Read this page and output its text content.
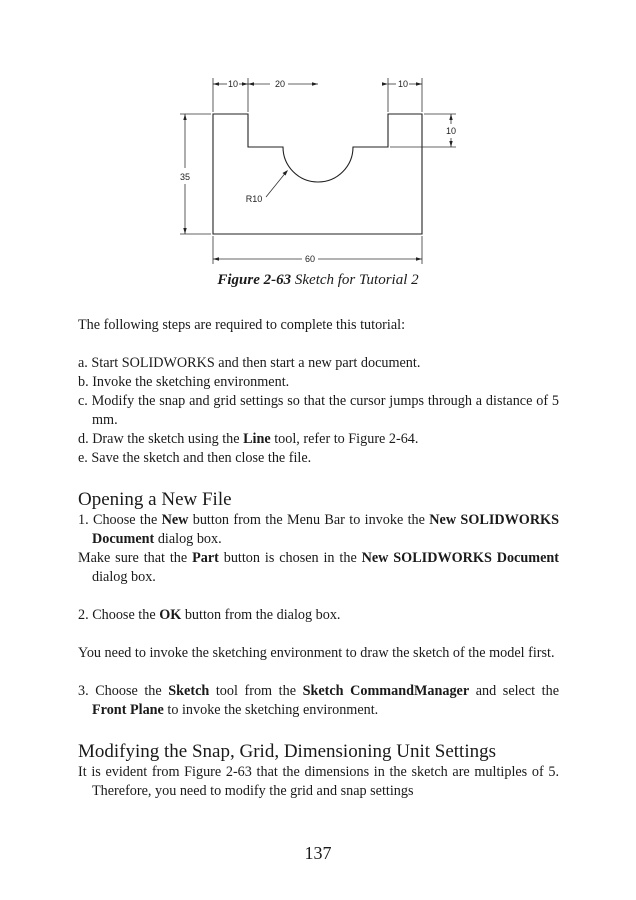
10	20	10
10
35
R10
60
Figure 2-63 Sketch for Tutorial 2

The following steps are required to complete this tutorial:

a. Start SOLIDWORKS and then start a new part document.

b. Invoke the sketching environment.

c. Modify the snap and grid settings so that the cursor jumps through a distance of 5 mm.

d. Draw the sketch using the Line tool, refer to Figure 2-64.

e. Save the sketch and then close the file.

Opening a New File

1. Choose the New button from the Menu Bar to invoke the New SOLIDWORKS Document dialog box.

Make sure that the Part button is chosen in the New SOLIDWORKS Document dialog box.

2. Choose the OK button from the dialog box.

You need to invoke the sketching environment to draw the sketch of the model first.

3. Choose the Sketch tool from the Sketch CommandManager and select the Front Plane to invoke the sketching environment.

Modifying the Snap, Grid, Dimensioning Unit Settings

It is evident from Figure 2-63 that the dimensions in the sketch are multiples of 5. Therefore, you need to modify the grid and snap settings

137
